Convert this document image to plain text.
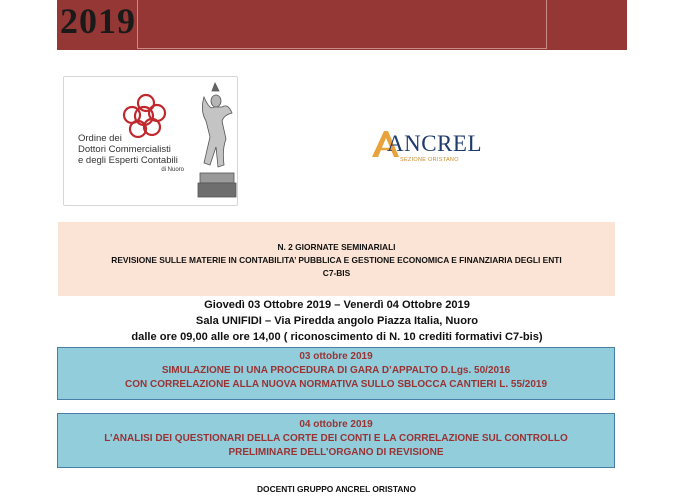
2019
Ordine dei
Dottori Commercialisti
e degli Esperti Contabili
di Nuoro
ANCREL
SEZIONE ORISTANO
N. 2 GIORNATE SEMINARIALI
REVISIONE SULLE MATERIE IN CONTABILITA’ PUBBLICA E GESTIONE ECONOMICA E FINANZIARIA DEGLI ENTI
C7-BIS
Giovedì 03 Ottobre 2019 – Venerdì 04 Ottobre 2019
Sala UNIFIDI – Via Piredda angolo Piazza Italia, Nuoro
dalle ore 09,00 alle ore 14,00 ( riconoscimento di N. 10 crediti formativi C7-bis)
03 ottobre 2019
SIMULAZIONE DI UNA PROCEDURA DI GARA D’APPALTO D.Lgs. 50/2016
CON CORRELAZIONE ALLA NUOVA NORMATIVA SULLO SBLOCCA CANTIERI L. 55/2019
04 ottobre 2019
L’ANALISI DEI QUESTIONARI DELLA CORTE DEI CONTI E LA CORRELAZIONE SUL CONTROLLO
PRELIMINARE DELL’ORGANO DI REVISIONE
DOCENTI GRUPPO ANCREL ORISTANO
